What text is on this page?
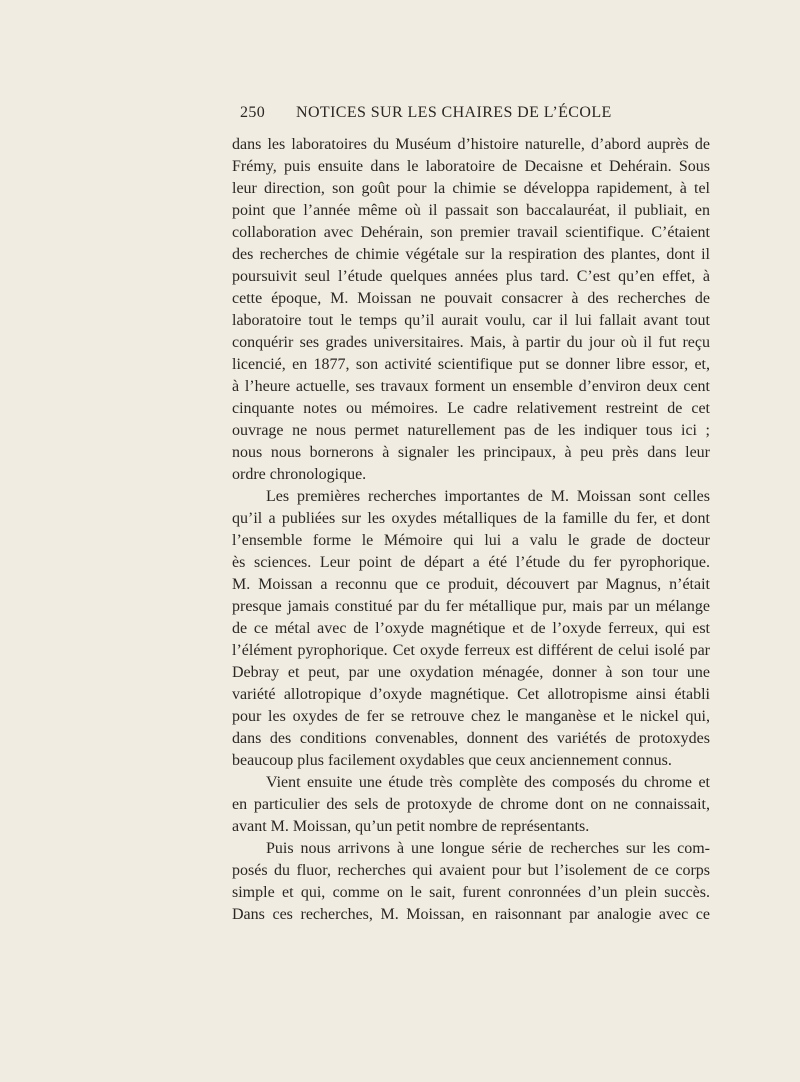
250 NOTICES SUR LES CHAIRES DE L’ÉCOLE

dans les laboratoires du Muséum d’histoire naturelle, d’abord auprès de
Frémy, puis ensuite dans le laboratoire de Decaisne et Dehérain. Sous
leur direction, son goût pour la chimie se développa rapidement, à tel
point que l’année même où il passait son baccalauréat, il publiait, en
collaboration avec Dehérain, son premier travail scientifique. C’étaient
des recherches de chimie végétale sur la respiration des plantes, dont il
poursuivit seul l’étude quelques années plus tard. C’est qu’en effet, à
cette époque, M. Moissan ne pouvait consacrer à des recherches de
laboratoire tout le temps qu’il aurait voulu, car il lui fallait avant tout
conquérir ses grades universitaires. Mais, à partir du jour où il fut reçu
licencié, en 1877, son activité scientifique put se donner libre essor, et,
à l’heure actuelle, ses travaux forment un ensemble d’environ deux cent
cinquante notes ou mémoires. Le cadre relativement restreint de cet
ouvrage ne nous permet naturellement pas de les indiquer tous ici ;
nous nous bornerons à signaler les principaux, à peu près dans leur
ordre chronologique.

Les premières recherches importantes de M. Moissan sont celles
qu’il a publiées sur les oxydes métalliques de la famille du fer, et dont
l’ensemble forme le Mémoire qui lui a valu le grade de docteur
ès sciences. Leur point de départ a été l’étude du fer pyrophorique.
M. Moissan a reconnu que ce produit, découvert par Magnus, n’était
presque jamais constitué par du fer métallique pur, mais par un mélange
de ce métal avec de l’oxyde magnétique et de l’oxyde ferreux, qui est
l’élément pyrophorique. Cet oxyde ferreux est différent de celui isolé par
Debray et peut, par une oxydation ménagée, donner à son tour une
variété allotropique d’oxyde magnétique. Cet allotropisme ainsi établi
pour les oxydes de fer se retrouve chez le manganèse et le nickel qui,
dans des conditions convenables, donnent des variétés de protoxydes
beaucoup plus facilement oxydables que ceux anciennement connus.

Vient ensuite une étude très complète des composés du chrome et
en particulier des sels de protoxyde de chrome dont on ne connaissait,
avant M. Moissan, qu’un petit nombre de représentants.

Puis nous arrivons à une longue série de recherches sur les com-
posés du fluor, recherches qui avaient pour but l’isolement de ce corps
simple et qui, comme on le sait, furent conronnées d’un plein succès.
Dans ces recherches, M. Moissan, en raisonnant par analogie avec ce
